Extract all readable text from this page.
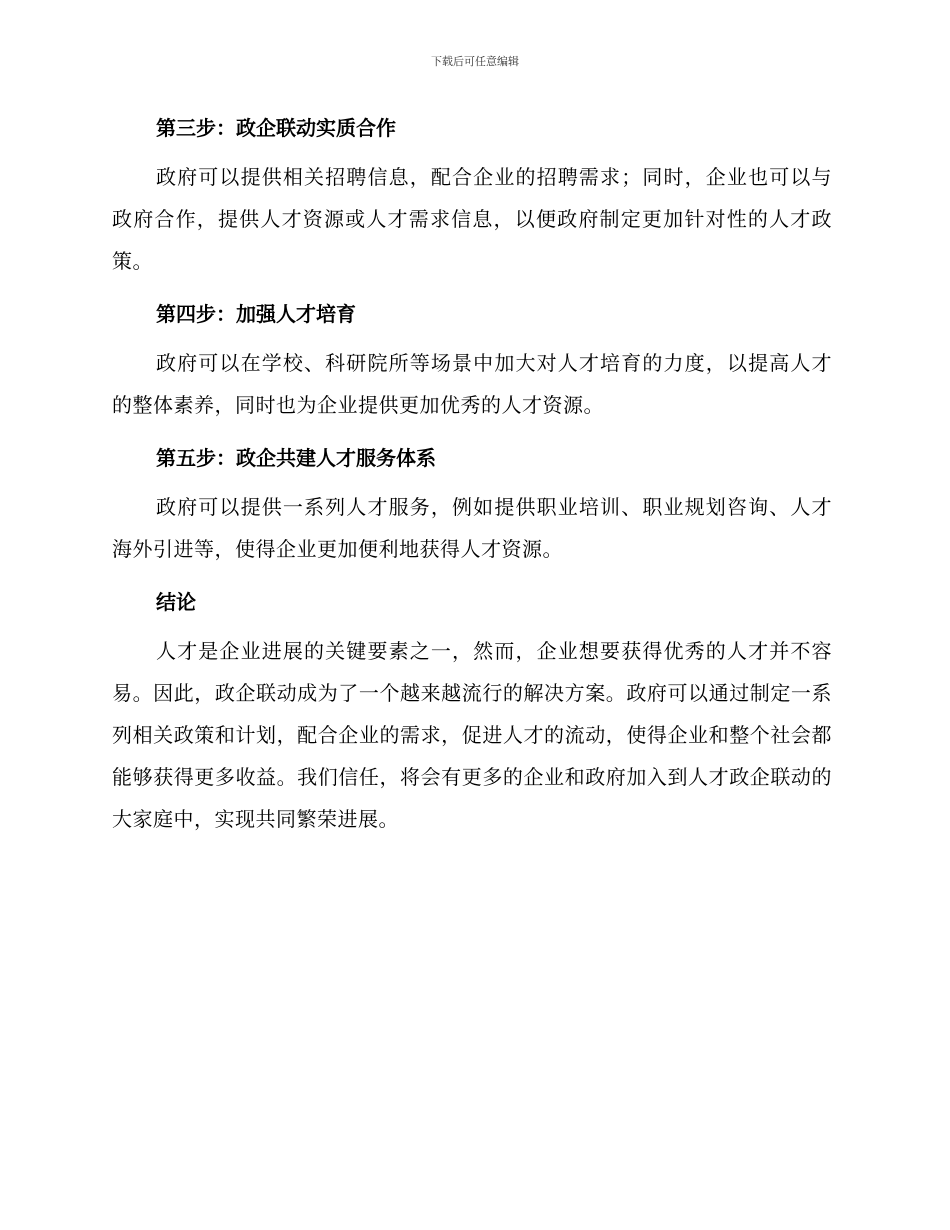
下载后可任意编辑

第三步：政企联动实质合作

政府可以提供相关招聘信息，配合企业的招聘需求；同时，企业也可以与政府合作，提供人才资源或人才需求信息，以便政府制定更加针对性的人才政策。

第四步：加强人才培育

政府可以在学校、科研院所等场景中加大对人才培育的力度，以提高人才的整体素养，同时也为企业提供更加优秀的人才资源。

第五步：政企共建人才服务体系

政府可以提供一系列人才服务，例如提供职业培训、职业规划咨询、人才海外引进等，使得企业更加便利地获得人才资源。

结论

人才是企业进展的关键要素之一，然而，企业想要获得优秀的人才并不容易。因此，政企联动成为了一个越来越流行的解决方案。政府可以通过制定一系列相关政策和计划，配合企业的需求，促进人才的流动，使得企业和整个社会都能够获得更多收益。我们信任，将会有更多的企业和政府加入到人才政企联动的大家庭中，实现共同繁荣进展。
